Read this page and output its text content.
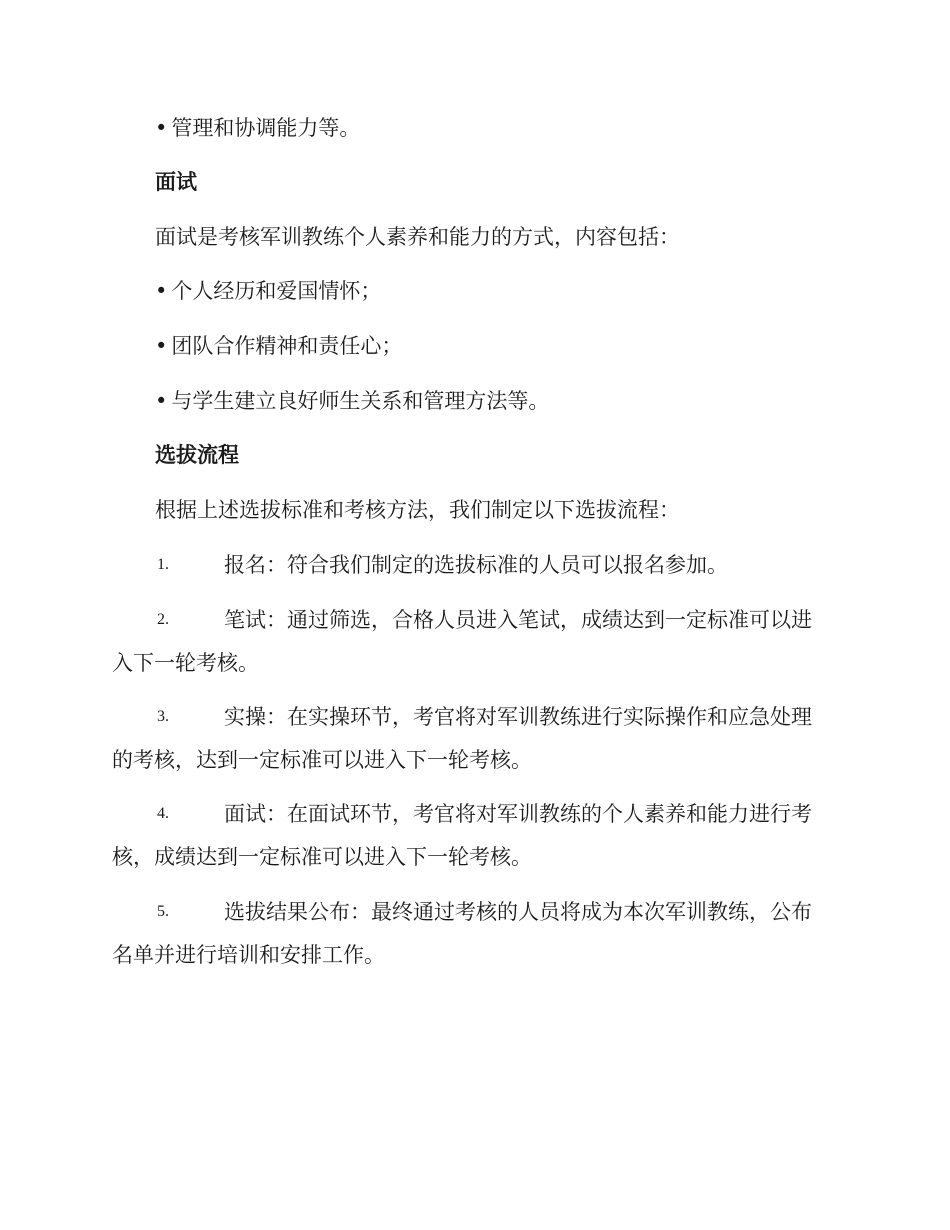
• 管理和协调能力等。
面试
面试是考核军训教练个人素养和能力的方式，内容包括：
• 个人经历和爱国情怀；
• 团队合作精神和责任心；
• 与学生建立良好师生关系和管理方法等。
选拔流程
根据上述选拔标准和考核方法，我们制定以下选拔流程：
1.	报名：符合我们制定的选拔标准的人员可以报名参加。
2.	笔试：通过筛选，合格人员进入笔试，成绩达到一定标准可以进
入下一轮考核。
3.	实操：在实操环节，考官将对军训教练进行实际操作和应急处理
的考核，达到一定标准可以进入下一轮考核。
4.	面试：在面试环节，考官将对军训教练的个人素养和能力进行考
核，成绩达到一定标准可以进入下一轮考核。
5.	选拔结果公布：最终通过考核的人员将成为本次军训教练，公布
名单并进行培训和安排工作。
